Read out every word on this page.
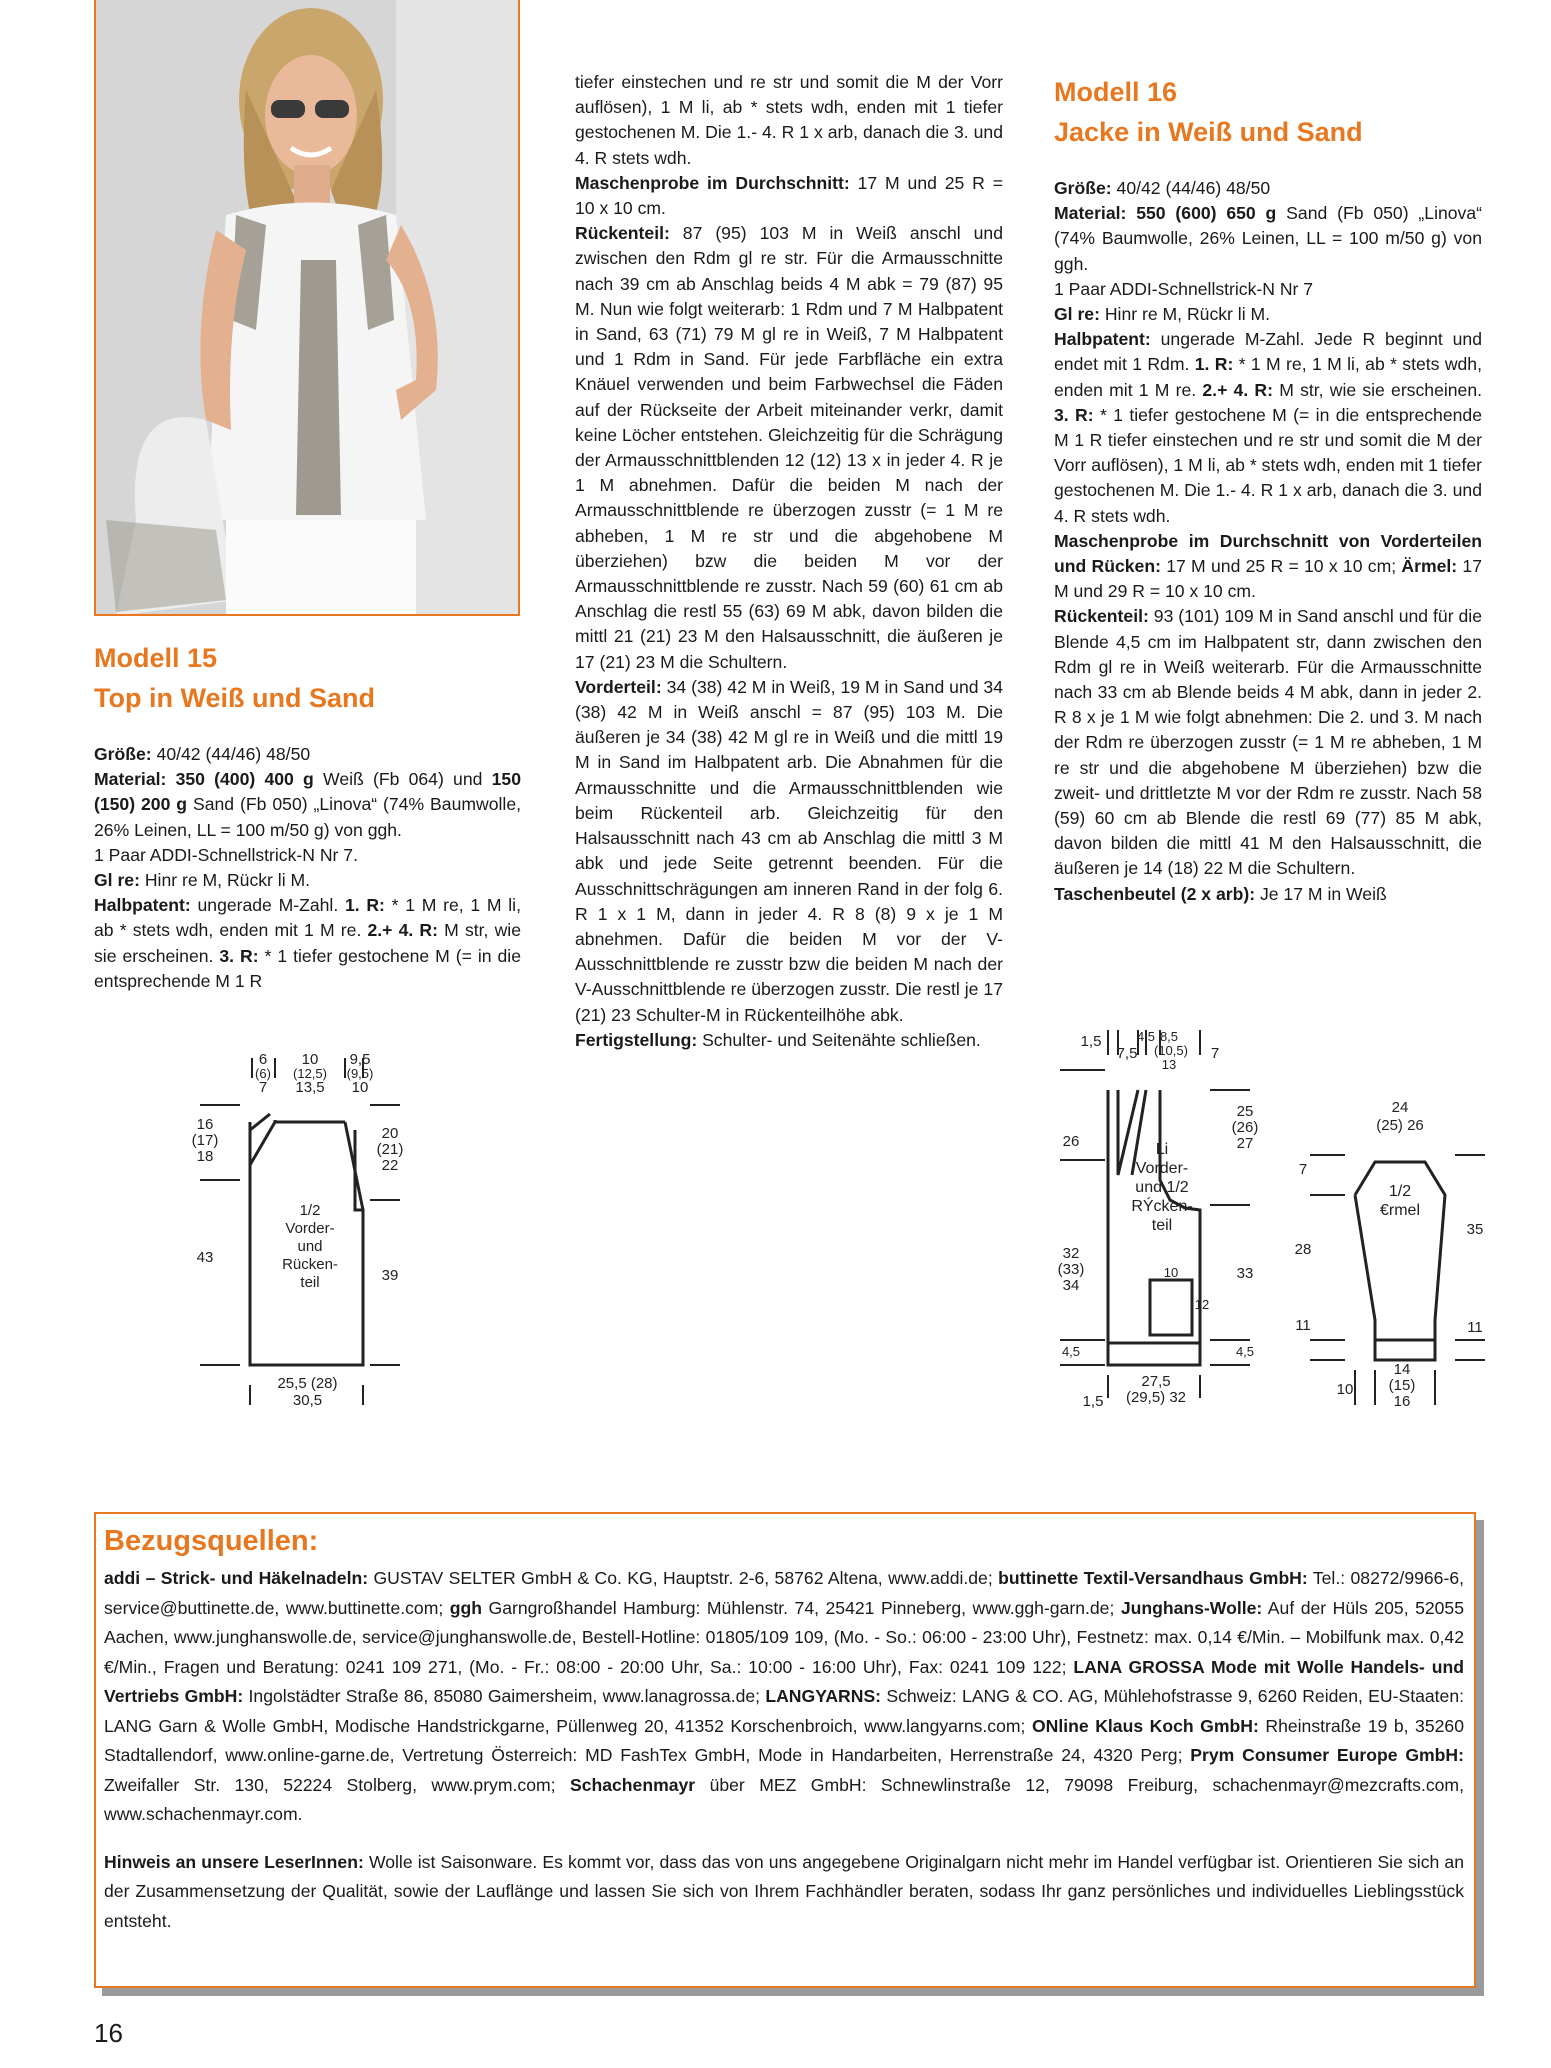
Modell 15
Top in Weiß und Sand

Größe: 40/42 (44/46) 48/50

Material: 350 (400) 400 g Weiß (Fb 064) und 150 (150) 200 g Sand (Fb 050) „Linova“ (74% Baumwolle, 26% Leinen, LL = 100 m/50 g) von ggh.

1 Paar ADDI-Schnellstrick-N Nr 7.

Gl re: Hinr re M, Rückr li M.

Halbpatent: ungerade M-Zahl. 1. R: * 1 M re, 1 M li, ab * stets wdh, enden mit 1 M re. 2.+ 4. R: M str, wie sie erscheinen. 3. R: * 1 tiefer gestochene M (= in die entsprechende M 1 R

6
(6)
7
10
(12,5)
13,5
9,5
(9,5)
10
16
(17)
18
43
20
(21)
22
39
1/2
Vorder-
und
Rücken-
teil
25,5 (28)
30,5

tiefer einstechen und re str und somit die M der Vorr auflösen), 1 M li, ab * stets wdh, enden mit 1 tiefer gestochenen M. Die 1.- 4. R 1 x arb, danach die 3. und 4. R stets wdh.

Maschenprobe im Durchschnitt: 17 M und 25 R = 10 x 10 cm.

Rückenteil: 87 (95) 103 M in Weiß anschl und zwischen den Rdm gl re str. Für die Armausschnitte nach 39 cm ab Anschlag beids 4 M abk = 79 (87) 95 M. Nun wie folgt weiterarb: 1 Rdm und 7 M Halbpatent in Sand, 63 (71) 79 M gl re in Weiß, 7 M Halbpatent und 1 Rdm in Sand. Für jede Farbfläche ein extra Knäuel verwenden und beim Farbwechsel die Fäden auf der Rückseite der Arbeit miteinander verkr, damit keine Löcher entstehen. Gleichzeitig für die Schrägung der Armausschnittblenden 12 (12) 13 x in jeder 4. R je 1 M abnehmen. Dafür die beiden M nach der Armausschnittblende re überzogen zusstr (= 1 M re abheben, 1 M re str und die abgehobene M überziehen) bzw die beiden M vor der Armausschnittblende re zusstr. Nach 59 (60) 61 cm ab Anschlag die restl 55 (63) 69 M abk, davon bilden die mittl 21 (21) 23 M den Halsausschnitt, die äußeren je 17 (21) 23 M die Schultern.

Vorderteil: 34 (38) 42 M in Weiß, 19 M in Sand und 34 (38) 42 M in Weiß anschl = 87 (95) 103 M. Die äußeren je 34 (38) 42 M gl re in Weiß und die mittl 19 M in Sand im Halbpatent arb. Die Abnahmen für die Armausschnitte und die Armausschnittblenden wie beim Rückenteil arb. Gleichzeitig für den Halsausschnitt nach 43 cm ab Anschlag die mittl 3 M abk und jede Seite getrennt beenden. Für die Ausschnittschrägungen am inneren Rand in der folg 6. R 1 x 1 M, dann in jeder 4. R 8 (8) 9 x je 1 M abnehmen. Dafür die beiden M vor der V-Ausschnittblende re zusstr bzw die beiden M nach der V-Ausschnittblende re überzogen zusstr. Die restl je 17 (21) 23 Schulter-M in Rückenteilhöhe abk.

Fertigstellung: Schulter- und Seitenähte schließen.

Modell 16
Jacke in Weiß und Sand

Größe: 40/42 (44/46) 48/50

Material: 550 (600) 650 g Sand (Fb 050) „Linova“ (74% Baumwolle, 26% Leinen, LL = 100 m/50 g) von ggh.

1 Paar ADDI-Schnellstrick-N Nr 7

Gl re: Hinr re M, Rückr li M.

Halbpatent: ungerade M-Zahl. Jede R beginnt und endet mit 1 Rdm. 1. R: * 1 M re, 1 M li, ab * stets wdh, enden mit 1 M re. 2.+ 4. R: M str, wie sie erscheinen. 3. R: * 1 tiefer gestochene M (= in die entsprechende M 1 R tiefer einstechen und re str und somit die M der Vorr auflösen), 1 M li, ab * stets wdh, enden mit 1 tiefer gestochenen M. Die 1.- 4. R 1 x arb, danach die 3. und 4. R stets wdh.

Maschenprobe im Durchschnitt von Vorderteilen und Rücken: 17 M und 25 R = 10 x 10 cm; Ärmel: 17 M und 29 R = 10 x 10 cm.

Rückenteil: 93 (101) 109 M in Sand anschl und für die Blende 4,5 cm im Halbpatent str, dann zwischen den Rdm gl re in Weiß weiterarb. Für die Armausschnitte nach 33 cm ab Blende beids 4 M abk, dann in jeder 2. R 8 x je 1 M wie folgt abnehmen: Die 2. und 3. M nach der Rdm re überzogen zusstr (= 1 M re abheben, 1 M re str und die abgehobene M überziehen) bzw die zweit- und drittletzte M vor der Rdm re zusstr. Nach 58 (59) 60 cm ab Blende die restl 69 (77) 85 M abk, davon bilden die mittl 41 M den Halsausschnitt, die äußeren je 14 (18) 22 M die Schultern.

Taschenbeutel (2 x arb): Je 17 M in Weiß

1,5
7,5
4,5 8,5
(10,5)
13
7
26
32
(33)
34
4,5
25
(26)
27
33
4,5
10
12
Li
Vorder-
und 1/2
RÝcken-
teil
27,5
(29,5) 32
1,5
24
(25) 26
7
28
11
35
11
1/2
€rmel
14
(15)
16
10
Bezugsquellen:

addi – Strick- und Häkelnadeln: GUSTAV SELTER GmbH & Co. KG, Hauptstr. 2-6, 58762 Altena, www.addi.de; buttinette Textil-Versandhaus GmbH: Tel.: 08272/9966-6, service@buttinette.de, www.buttinette.com; ggh Garngroßhandel Hamburg: Mühlenstr. 74, 25421 Pinneberg, www.ggh-garn.de; Junghans-Wolle: Auf der Hüls 205, 52055 Aachen, www.junghanswolle.de, service@junghanswolle.de, Bestell-Hotline: 01805/109 109, (Mo. - So.: 06:00 - 23:00 Uhr), Festnetz: max. 0,14 €/Min. – Mobilfunk max. 0,42 €/Min., Fragen und Beratung: 0241 109 271, (Mo. - Fr.: 08:00 - 20:00 Uhr, Sa.: 10:00 - 16:00 Uhr), Fax: 0241 109 122; LANA GROSSA Mode mit Wolle Handels- und Vertriebs GmbH: Ingolstädter Straße 86, 85080 Gaimersheim, www.lanagrossa.de; LANGYARNS: Schweiz: LANG & CO. AG, Mühlehofstrasse 9, 6260 Reiden, EU-Staaten: LANG Garn & Wolle GmbH, Modische Handstrickgarne, Püllenweg 20, 41352 Korschenbroich, www.langyarns.com; ONline Klaus Koch GmbH: Rheinstraße 19 b, 35260 Stadtallendorf, www.online-garne.de, Vertretung Österreich: MD FashTex GmbH, Mode in Handarbeiten, Herrenstraße 24, 4320 Perg; Prym Consumer Europe GmbH: Zweifaller Str. 130, 52224 Stolberg, www.prym.com; Schachenmayr über MEZ GmbH: Schnewlinstraße 12, 79098 Freiburg, schachenmayr@mezcrafts.com, www.schachenmayr.com.

Hinweis an unsere LeserInnen: Wolle ist Saisonware. Es kommt vor, dass das von uns angegebene Originalgarn nicht mehr im Handel verfügbar ist. Orientieren Sie sich an der Zusammensetzung der Qualität, sowie der Lauflänge und lassen Sie sich von Ihrem Fachhändler beraten, sodass Ihr ganz persönliches und individuelles Lieblingsstück entsteht.

16
